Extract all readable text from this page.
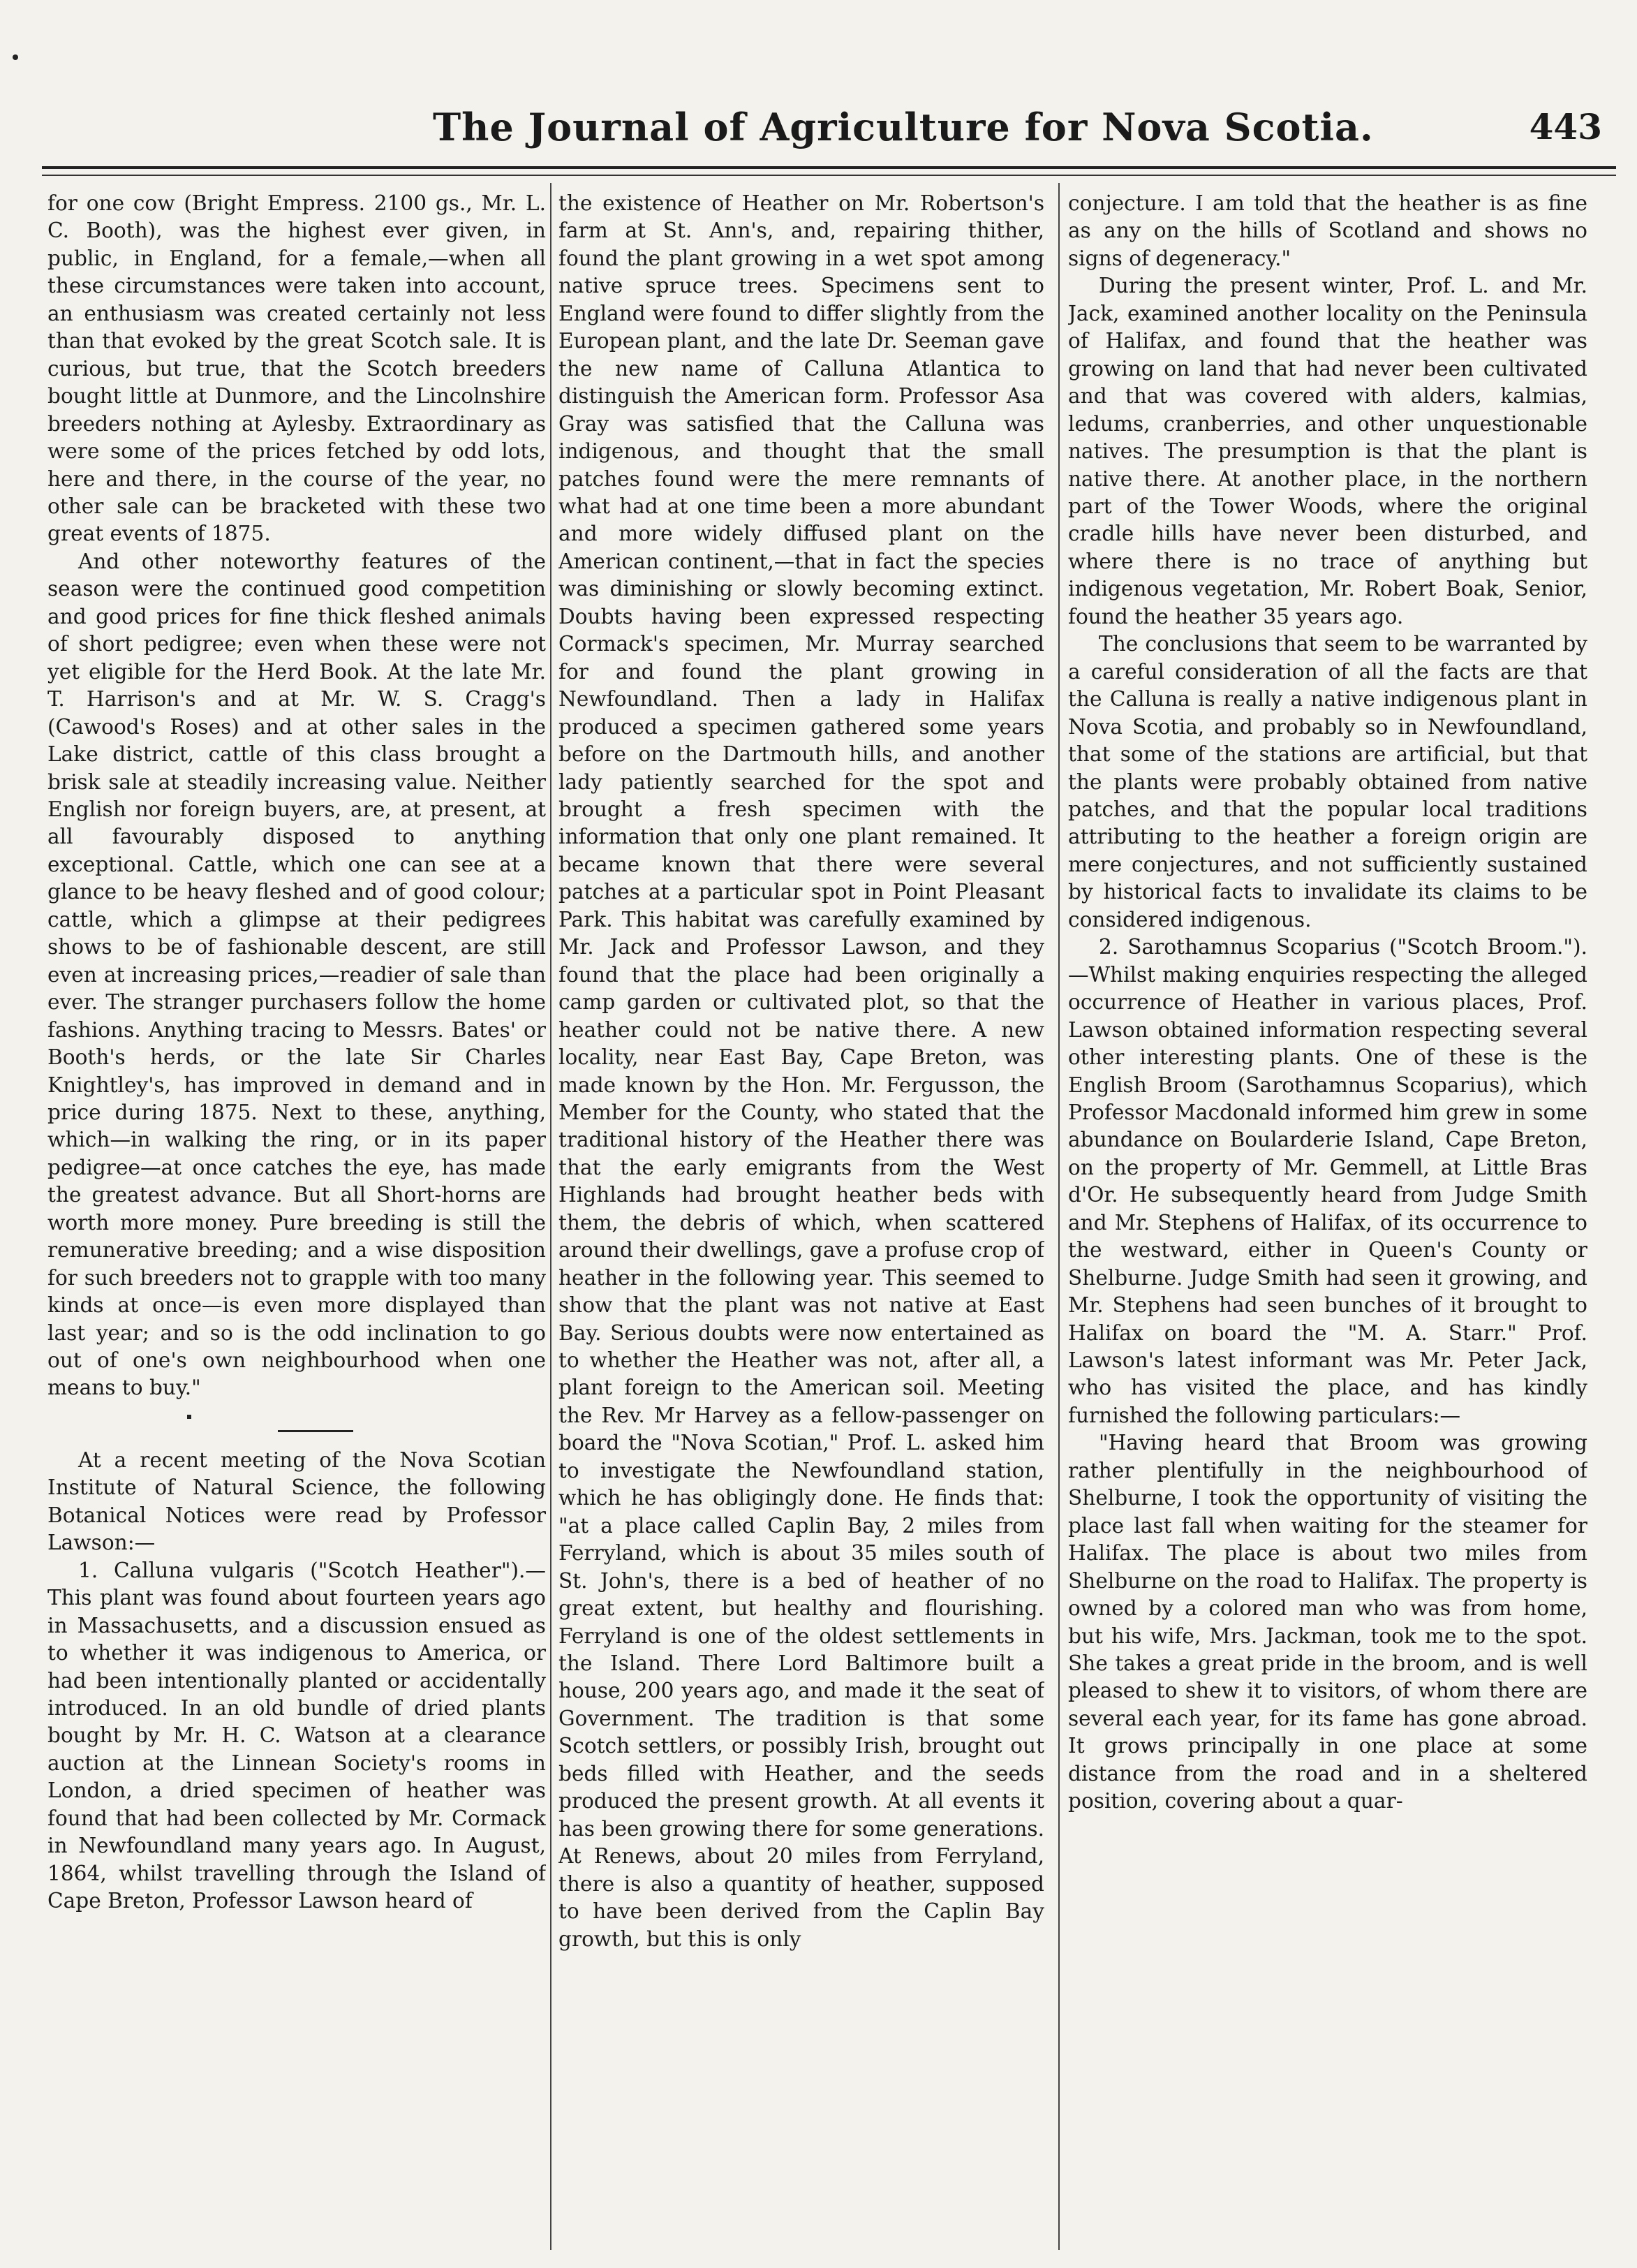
The Journal of Agriculture for Nova Scotia.	443

for one cow (Bright Empress. 2100 gs., Mr. L. C. Booth), was the highest ever given, in public, in England, for a female,—when all these circumstances were taken into account, an enthusiasm was created certainly not less than that evoked by the great Scotch sale. It is curious, but true, that the Scotch breeders bought little at Dunmore, and the Lincolnshire breeders nothing at Aylesby. Extraordinary as were some of the prices fetched by odd lots, here and there, in the course of the year, no other sale can be bracketed with these two great events of 1875.

And other noteworthy features of the season were the continued good competition and good prices for fine thick fleshed animals of short pedigree; even when these were not yet eligible for the Herd Book. At the late Mr. T. Harrison's and at Mr. W. S. Cragg's (Cawood's Roses) and at other sales in the Lake district, cattle of this class brought a brisk sale at steadily increasing value. Neither English nor foreign buyers, are, at present, at all favourably disposed to anything exceptional. Cattle, which one can see at a glance to be heavy fleshed and of good colour; cattle, which a glimpse at their pedigrees shows to be of fashionable descent, are still even at increasing prices,—readier of sale than ever. The stranger purchasers follow the home fashions. Anything tracing to Messrs. Bates' or Booth's herds, or the late Sir Charles Knightley's, has improved in demand and in price during 1875. Next to these, anything, which—in walking the ring, or in its paper pedigree—at once catches the eye, has made the greatest advance. But all Short-horns are worth more money. Pure breeding is still the remunerative breeding; and a wise disposition for such breeders not to grapple with too many kinds at once—is even more displayed than last year; and so is the odd inclination to go out of one's own neighbourhood when one means to buy."

At a recent meeting of the Nova Scotian Institute of Natural Science, the following Botanical Notices were read by Professor Lawson:—

1. Calluna vulgaris ("Scotch Heather").—This plant was found about fourteen years ago in Massachusetts, and a discussion ensued as to whether it was indigenous to America, or had been intentionally planted or accidentally introduced. In an old bundle of dried plants bought by Mr. H. C. Watson at a clearance auction at the Linnean Society's rooms in London, a dried specimen of heather was found that had been collected by Mr. Cormack in Newfoundland many years ago. In August, 1864, whilst travelling through the Island of Cape Breton, Professor Lawson heard of

the existence of Heather on Mr. Robertson's farm at St. Ann's, and, repairing thither, found the plant growing in a wet spot among native spruce trees. Specimens sent to England were found to differ slightly from the European plant, and the late Dr. Seeman gave the new name of Calluna Atlantica to distinguish the American form. Professor Asa Gray was satisfied that the Calluna was indigenous, and thought that the small patches found were the mere remnants of what had at one time been a more abundant and more widely diffused plant on the American continent,—that in fact the species was diminishing or slowly becoming extinct. Doubts having been expressed respecting Cormack's specimen, Mr. Murray searched for and found the plant growing in Newfoundland. Then a lady in Halifax produced a specimen gathered some years before on the Dartmouth hills, and another lady patiently searched for the spot and brought a fresh specimen with the information that only one plant remained. It became known that there were several patches at a particular spot in Point Pleasant Park. This habitat was carefully examined by Mr. Jack and Professor Lawson, and they found that the place had been originally a camp garden or cultivated plot, so that the heather could not be native there. A new locality, near East Bay, Cape Breton, was made known by the Hon. Mr. Fergusson, the Member for the County, who stated that the traditional history of the Heather there was that the early emigrants from the West Highlands had brought heather beds with them, the debris of which, when scattered around their dwellings, gave a profuse crop of heather in the following year. This seemed to show that the plant was not native at East Bay. Serious doubts were now entertained as to whether the Heather was not, after all, a plant foreign to the American soil. Meeting the Rev. Mr Harvey as a fellow-passenger on board the "Nova Scotian," Prof. L. asked him to investigate the Newfoundland station, which he has obligingly done. He finds that: "at a place called Caplin Bay, 2 miles from Ferryland, which is about 35 miles south of St. John's, there is a bed of heather of no great extent, but healthy and flourishing. Ferryland is one of the oldest settlements in the Island. There Lord Baltimore built a house, 200 years ago, and made it the seat of Government. The tradition is that some Scotch settlers, or possibly Irish, brought out beds filled with Heather, and the seeds produced the present growth. At all events it has been growing there for some generations. At Renews, about 20 miles from Ferryland, there is also a quantity of heather, supposed to have been derived from the Caplin Bay growth, but this is only

conjecture. I am told that the heather is as fine as any on the hills of Scotland and shows no signs of degeneracy."

During the present winter, Prof. L. and Mr. Jack, examined another locality on the Peninsula of Halifax, and found that the heather was growing on land that had never been cultivated and that was covered with alders, kalmias, ledums, cranberries, and other unquestionable natives. The presumption is that the plant is native there. At another place, in the northern part of the Tower Woods, where the original cradle hills have never been disturbed, and where there is no trace of anything but indigenous vegetation, Mr. Robert Boak, Senior, found the heather 35 years ago.

The conclusions that seem to be warranted by a careful consideration of all the facts are that the Calluna is really a native indigenous plant in Nova Scotia, and probably so in Newfoundland, that some of the stations are artificial, but that the plants were probably obtained from native patches, and that the popular local traditions attributing to the heather a foreign origin are mere conjectures, and not sufficiently sustained by historical facts to invalidate its claims to be considered indigenous.

2. Sarothamnus Scoparius ("Scotch Broom.").—Whilst making enquiries respecting the alleged occurrence of Heather in various places, Prof. Lawson obtained information respecting several other interesting plants. One of these is the English Broom (Sarothamnus Scoparius), which Professor Macdonald informed him grew in some abundance on Boularderie Island, Cape Breton, on the property of Mr. Gemmell, at Little Bras d'Or. He subsequently heard from Judge Smith and Mr. Stephens of Halifax, of its occurrence to the westward, either in Queen's County or Shelburne. Judge Smith had seen it growing, and Mr. Stephens had seen bunches of it brought to Halifax on board the "M. A. Starr." Prof. Lawson's latest informant was Mr. Peter Jack, who has visited the place, and has kindly furnished the following particulars:—

"Having heard that Broom was growing rather plentifully in the neighbourhood of Shelburne, I took the opportunity of visiting the place last fall when waiting for the steamer for Halifax. The place is about two miles from Shelburne on the road to Halifax. The property is owned by a colored man who was from home, but his wife, Mrs. Jackman, took me to the spot. She takes a great pride in the broom, and is well pleased to shew it to visitors, of whom there are several each year, for its fame has gone abroad. It grows principally in one place at some distance from the road and in a sheltered position, covering about a quar-
